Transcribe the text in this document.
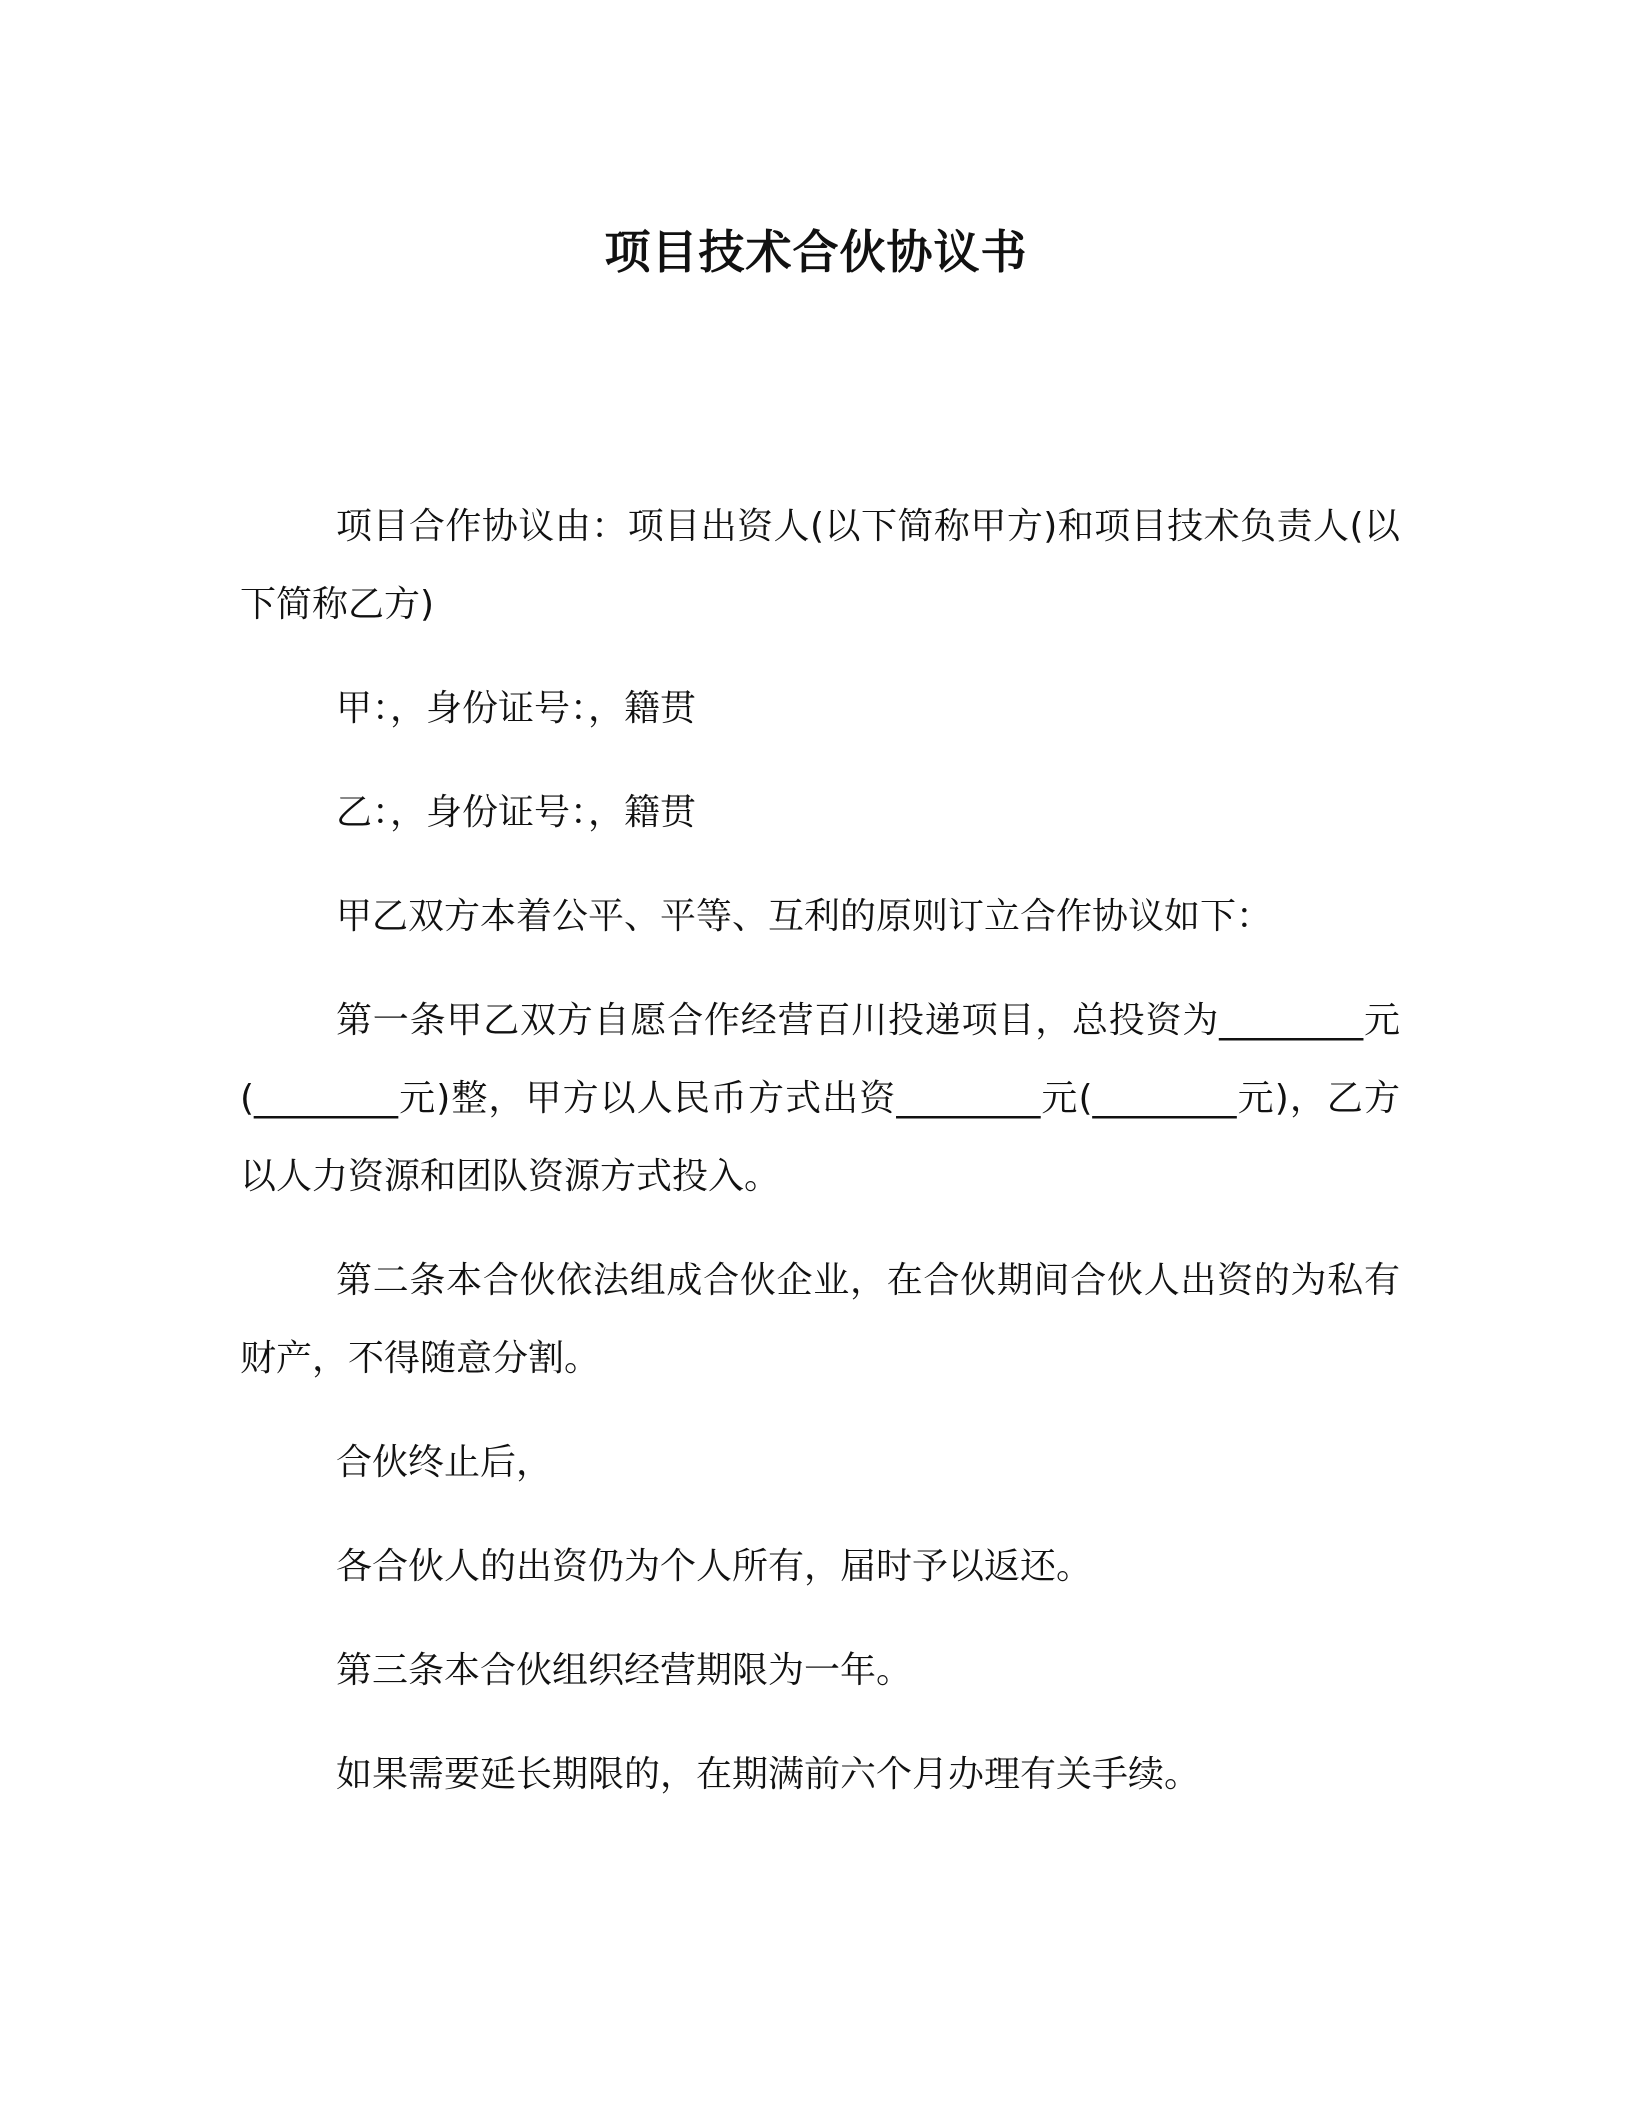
项目技术合伙协议书

项目合作协议由：项目出资人(以下简称甲方)和项目技术负责人(以下简称乙方)

甲：，身份证号：，籍贯

乙：，身份证号：，籍贯

甲乙双方本着公平、平等、互利的原则订立合作协议如下：

第一条甲乙双方自愿合作经营百川投递项目，总投资为________元(________元)整，甲方以人民币方式出资________元(________元)，乙方以人力资源和团队资源方式投入。

第二条本合伙依法组成合伙企业，在合伙期间合伙人出资的为私有财产，不得随意分割。

合伙终止后，

各合伙人的出资仍为个人所有，届时予以返还。

第三条本合伙组织经营期限为一年。

如果需要延长期限的，在期满前六个月办理有关手续。
